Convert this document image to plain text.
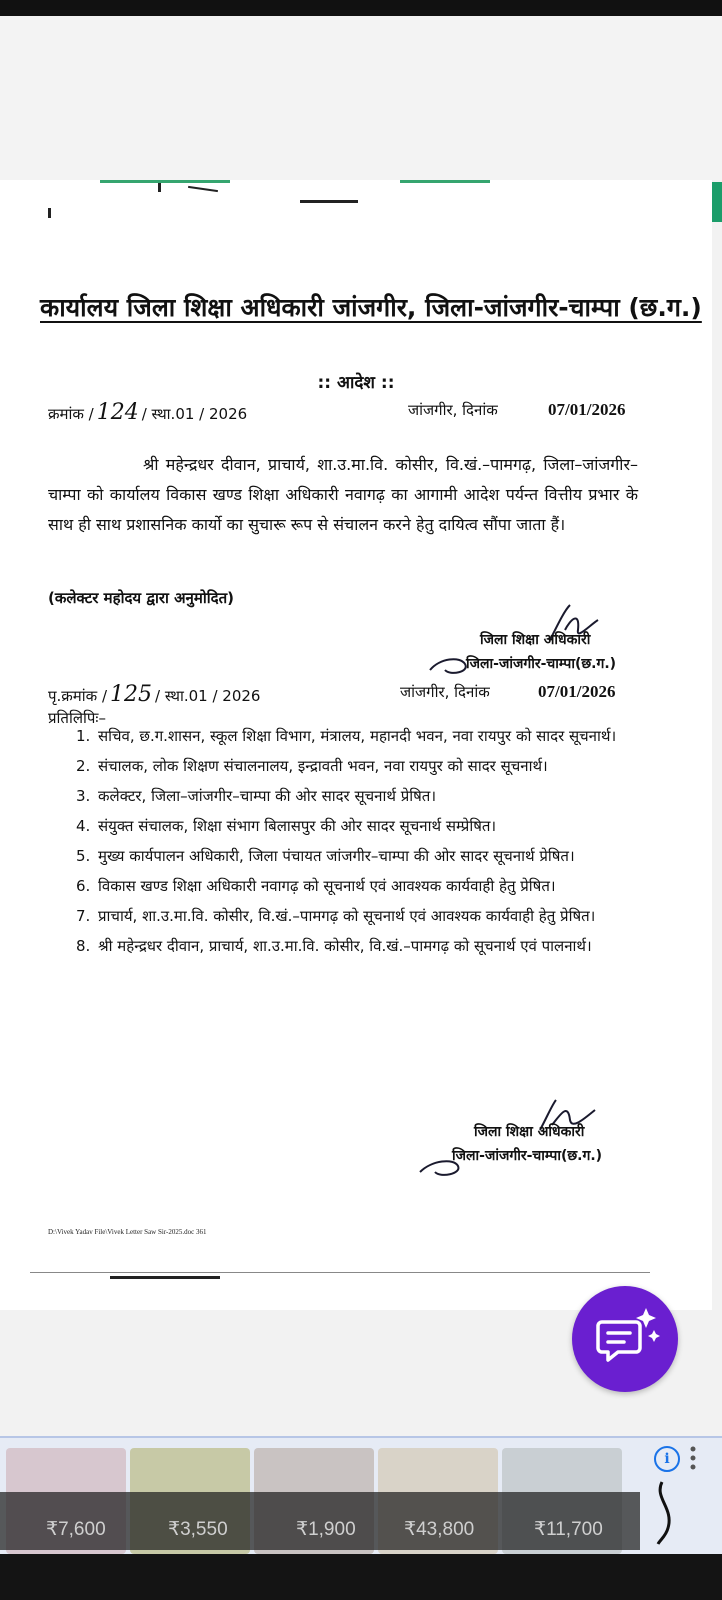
कार्यालय जिला शिक्षा अधिकारी जांजगीर, जिला-जांजगीर-चाम्पा (छ.ग.)
:: आदेश ::
क्रमांक / 124 / स्था.01 / 2026	जांजगीर, दिनांक	07/01/2026
श्री महेन्द्रधर दीवान, प्राचार्य, शा.उ.मा.वि. कोसीर, वि.खं.–पामगढ़, जिला–जांजगीर–चाम्पा को कार्यालय विकास खण्ड शिक्षा अधिकारी नवागढ़ का आगामी आदेश पर्यन्त वित्तीय प्रभार के साथ ही साथ प्रशासनिक कार्यो का सुचारू रूप से संचालन करने हेतु दायित्व सौंपा जाता हैं।
(कलेक्टर महोदय द्वारा अनुमोदित)
जिला शिक्षा अधिकारी
जिला-जांजगीर-चाम्पा(छ.ग.)
पृ.क्रमांक / 125 / स्था.01 / 2026	जांजगीर, दिनांक	07/01/2026
प्रतिलिपिः–
1. सचिव, छ.ग.शासन, स्कूल शिक्षा विभाग, मंत्रालय, महानदी भवन, नवा रायपुर को सादर सूचनार्थ।
2. संचालक, लोक शिक्षण संचालनालय, इन्द्रावती भवन, नवा रायपुर को सादर सूचनार्थ।
3. कलेक्टर, जिला–जांजगीर–चाम्पा की ओर सादर सूचनार्थ प्रेषित।
4. संयुक्त संचालक, शिक्षा संभाग बिलासपुर की ओर सादर सूचनार्थ सम्प्रेषित।
5. मुख्य कार्यपालन अधिकारी, जिला पंचायत जांजगीर–चाम्पा की ओर सादर सूचनार्थ प्रेषित।
6. विकास खण्ड शिक्षा अधिकारी नवागढ़ को सूचनार्थ एवं आवश्यक कार्यवाही हेतु प्रेषित।
7. प्राचार्य, शा.उ.मा.वि. कोसीर, वि.खं.–पामगढ़ को सूचनार्थ एवं आवश्यक कार्यवाही हेतु प्रेषित।
8. श्री महेन्द्रधर दीवान, प्राचार्य, शा.उ.मा.वि. कोसीर, वि.खं.–पामगढ़ को सूचनार्थ एवं पालनार्थ।
जिला शिक्षा अधिकारी
जिला-जांजगीर-चाम्पा(छ.ग.)
D:\Vivek Yadav File\Vivek Letter Saw Sir-2025.doc 361
₹7,600	₹3,550	₹1,900	₹43,800	₹11,700
i
